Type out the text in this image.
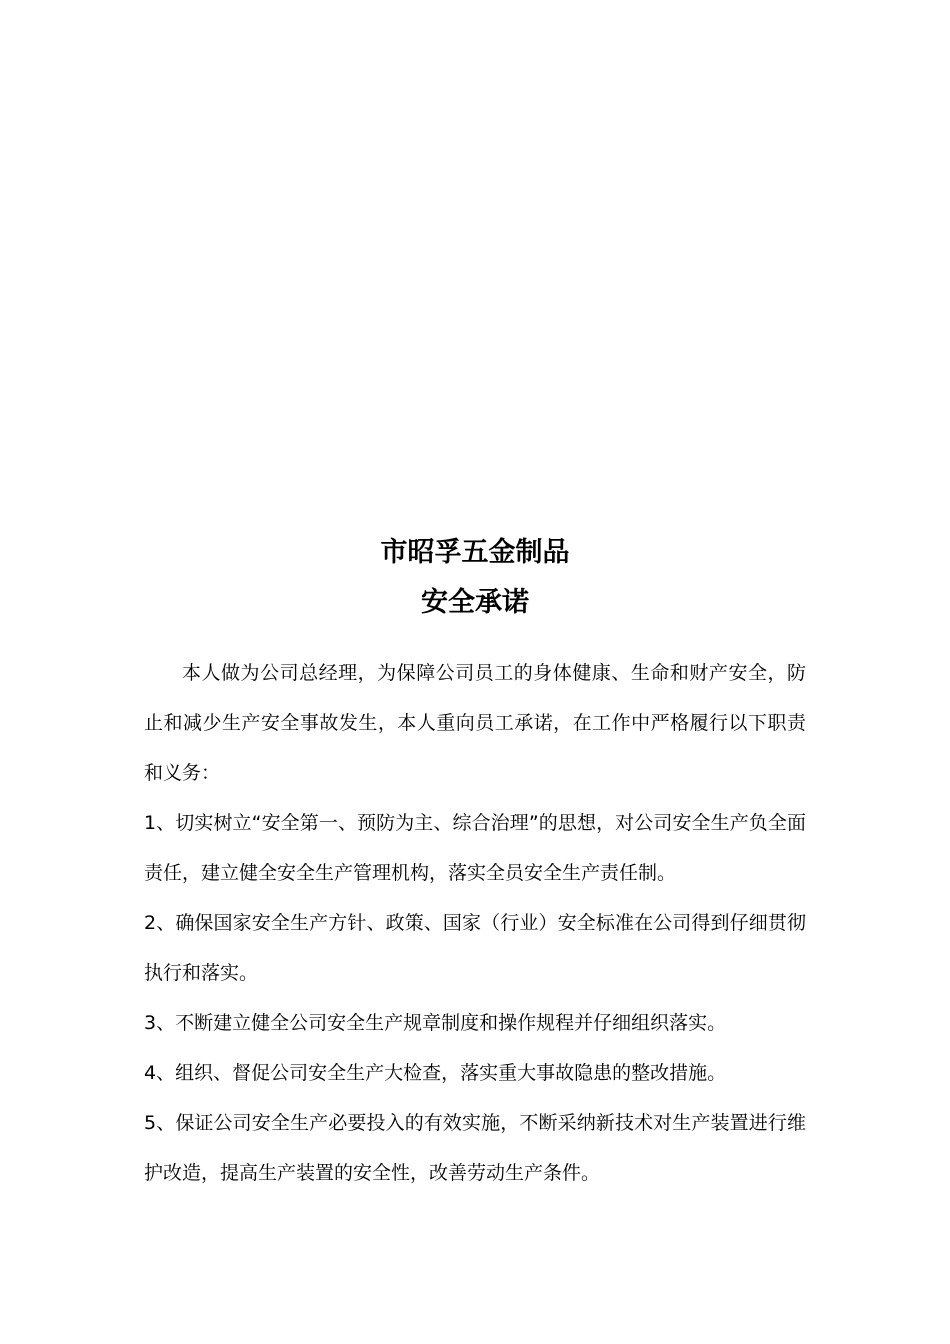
市昭孚五金制品
安全承诺

本人做为公司总经理，为保障公司员工的身体健康、生命和财产安全，防止和减少生产安全事故发生，本人重向员工承诺，在工作中严格履行以下职责和义务：

1、切实树立“安全第一、预防为主、综合治理”的思想，对公司安全生产负全面责任，建立健全安全生产管理机构，落实全员安全生产责任制。

2、确保国家安全生产方针、政策、国家（行业）安全标准在公司得到仔细贯彻执行和落实。

3、不断建立健全公司安全生产规章制度和操作规程并仔细组织落实。

4、组织、督促公司安全生产大检查，落实重大事故隐患的整改措施。

5、保证公司安全生产必要投入的有效实施，不断采纳新技术对生产装置进行维护改造，提高生产装置的安全性，改善劳动生产条件。
